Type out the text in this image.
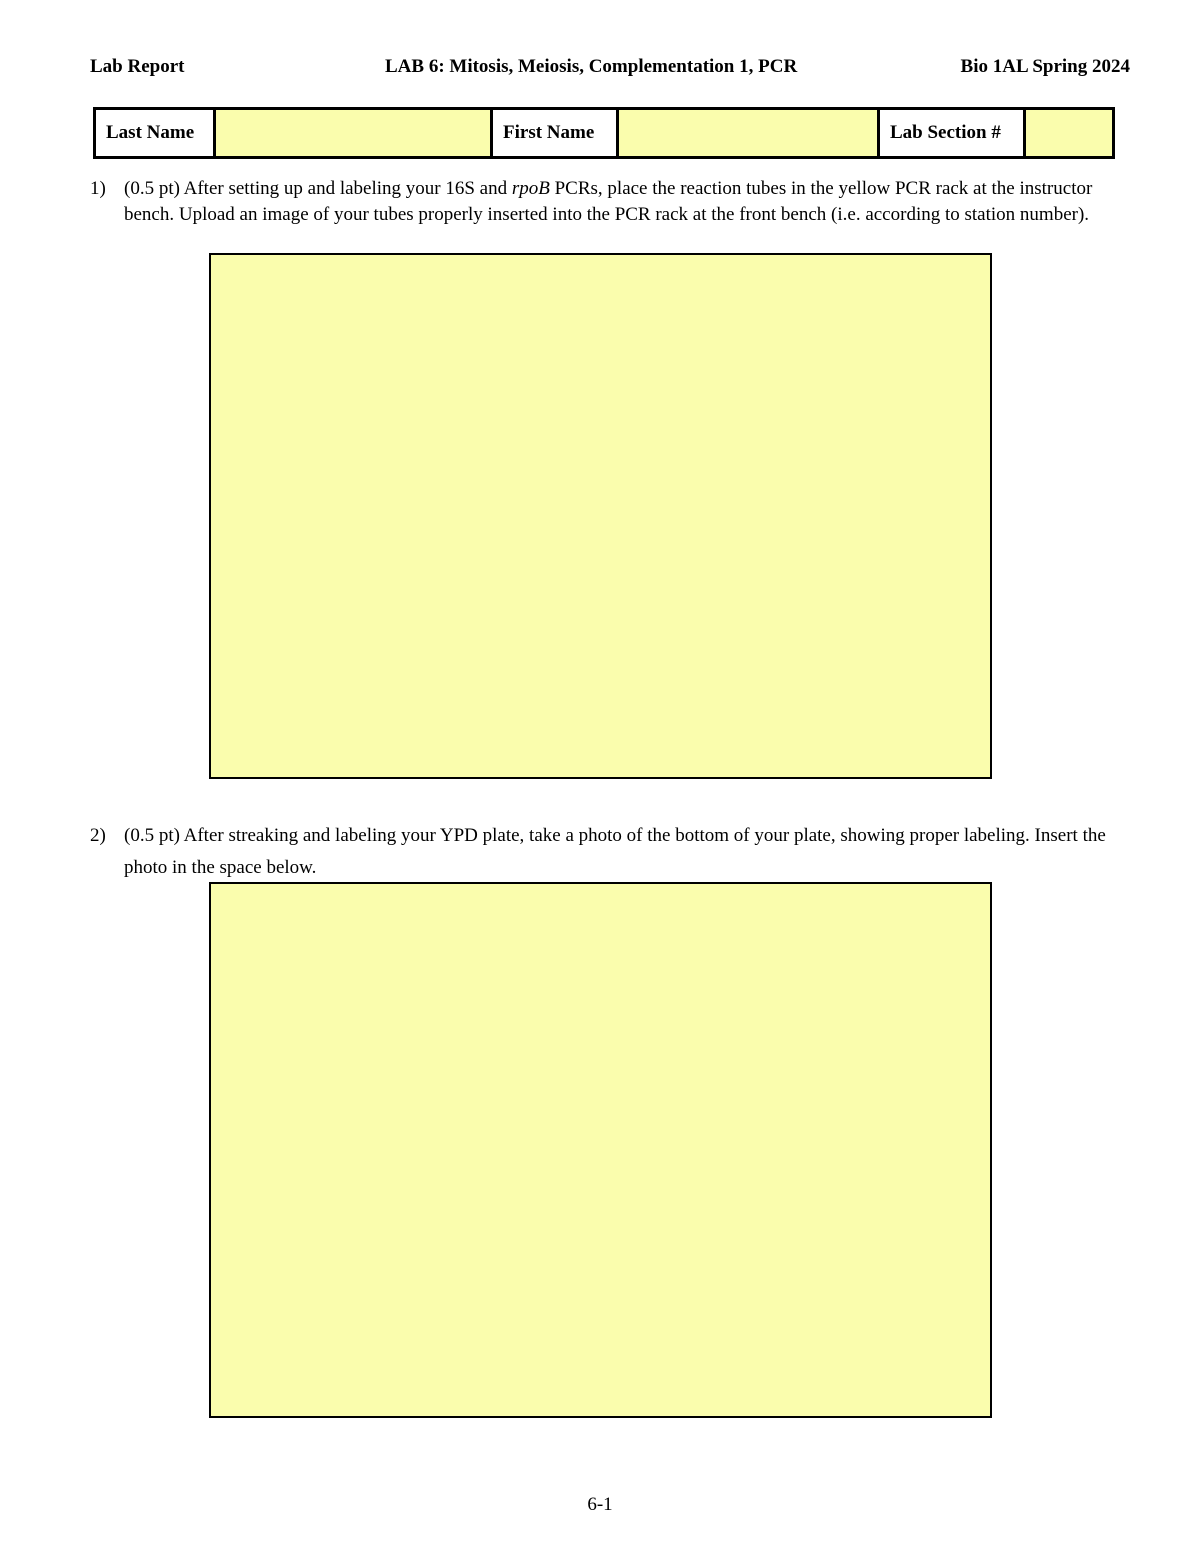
Lab Report	LAB 6: Mitosis, Meiosis, Complementation 1, PCR	Bio 1AL Spring 2024
Last Name		First Name		Lab Section #	
1) (0.5 pt) After setting up and labeling your 16S and rpoB PCRs, place the reaction tubes in the yellow PCR rack at the instructor bench. Upload an image of your tubes properly inserted into the PCR rack at the front bench (i.e. according to station number).
2) (0.5 pt) After streaking and labeling your YPD plate, take a photo of the bottom of your plate, showing proper labeling. Insert the photo in the space below.
6-1
